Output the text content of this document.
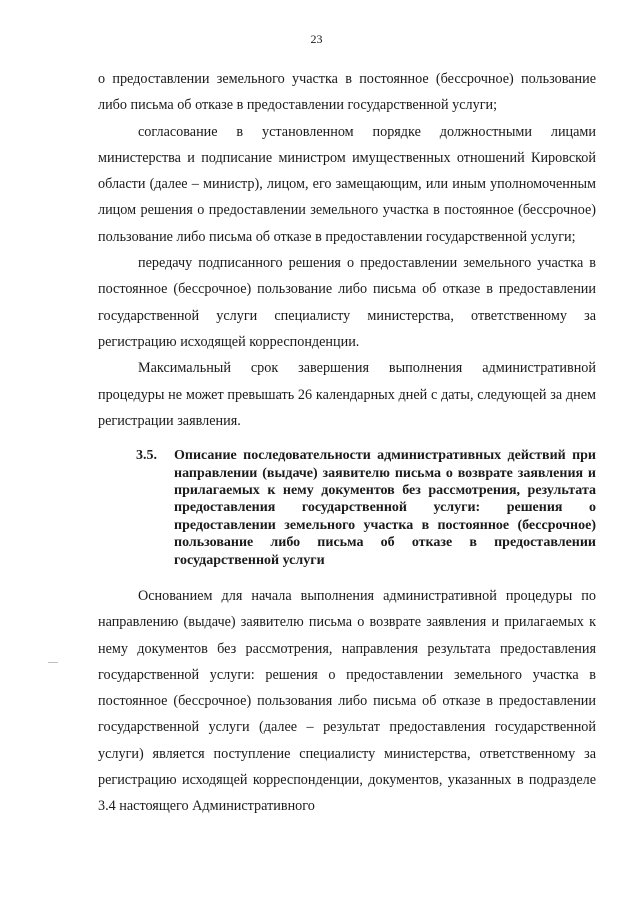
23

о предоставлении земельного участка в постоянное (бессрочное) пользование либо письма об отказе в предоставлении государственной услуги;

согласование в установленном порядке должностными лицами министерства и подписание министром имущественных отношений Кировской области (далее – министр), лицом, его замещающим, или иным уполномоченным лицом решения о предоставлении земельного участка в постоянное (бессрочное) пользование либо письма об отказе в предоставлении государственной услуги;

передачу подписанного решения о предоставлении земельного участка в постоянное (бессрочное) пользование либо письма об отказе в предоставлении государственной услуги специалисту министерства, ответственному за регистрацию исходящей корреспонденции.

Максимальный срок завершения выполнения административной процедуры не может превышать 26 календарных дней с даты, следующей за днем регистрации заявления.

3.5.	Описание последовательности административных действий при направлении (выдаче) заявителю письма о возврате заявления и прилагаемых к нему документов без рассмотрения, результата предоставления государственной услуги: решения о предоставлении земельного участка в постоянное (бессрочное) пользование либо письма об отказе в предоставлении государственной услуги

Основанием для начала выполнения административной процедуры по направлению (выдаче) заявителю письма о возврате заявления и прилагаемых к нему документов без рассмотрения, направления результата предоставления государственной услуги: решения о предоставлении земельного участка в постоянное (бессрочное) пользования либо письма об отказе в предоставлении государственной услуги (далее – результат предоставления государственной услуги) является поступление специалисту министерства, ответственному за регистрацию исходящей корреспонденции, документов, указанных в подразделе 3.4 настоящего Административного
